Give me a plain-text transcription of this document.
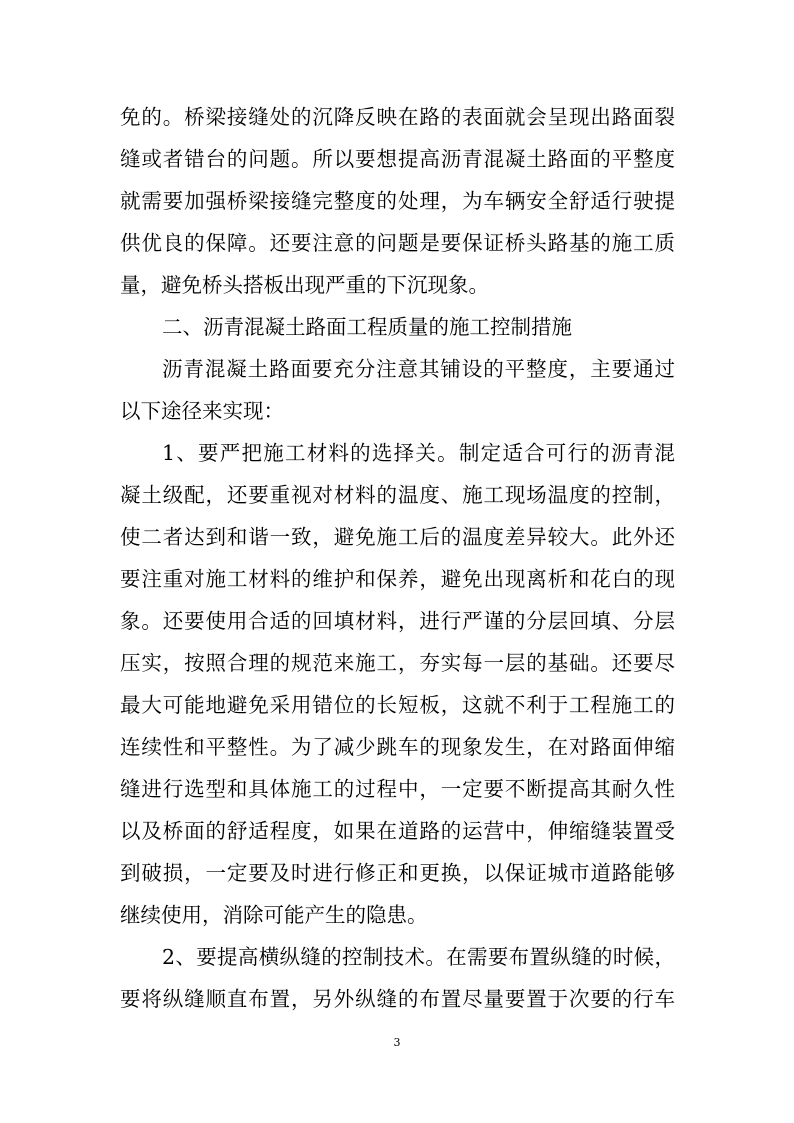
免的。桥梁接缝处的沉降反映在路的表面就会呈现出路面裂
缝或者错台的问题。所以要想提高沥青混凝土路面的平整度
就需要加强桥梁接缝完整度的处理，为车辆安全舒适行驶提
供优良的保障。还要注意的问题是要保证桥头路基的施工质
量，避免桥头搭板出现严重的下沉现象。
二、沥青混凝土路面工程质量的施工控制措施
沥青混凝土路面要充分注意其铺设的平整度，主要通过
以下途径来实现：
1、要严把施工材料的选择关。制定适合可行的沥青混
凝土级配，还要重视对材料的温度、施工现场温度的控制，
使二者达到和谐一致，避免施工后的温度差异较大。此外还
要注重对施工材料的维护和保养，避免出现离析和花白的现
象。还要使用合适的回填材料，进行严谨的分层回填、分层
压实，按照合理的规范来施工，夯实每一层的基础。还要尽
最大可能地避免采用错位的长短板，这就不利于工程施工的
连续性和平整性。为了减少跳车的现象发生，在对路面伸缩
缝进行选型和具体施工的过程中，一定要不断提高其耐久性
以及桥面的舒适程度，如果在道路的运营中，伸缩缝装置受
到破损，一定要及时进行修正和更换，以保证城市道路能够
继续使用，消除可能产生的隐患。
2、要提高横纵缝的控制技术。在需要布置纵缝的时候，
要将纵缝顺直布置，另外纵缝的布置尽量要置于次要的行车
3
